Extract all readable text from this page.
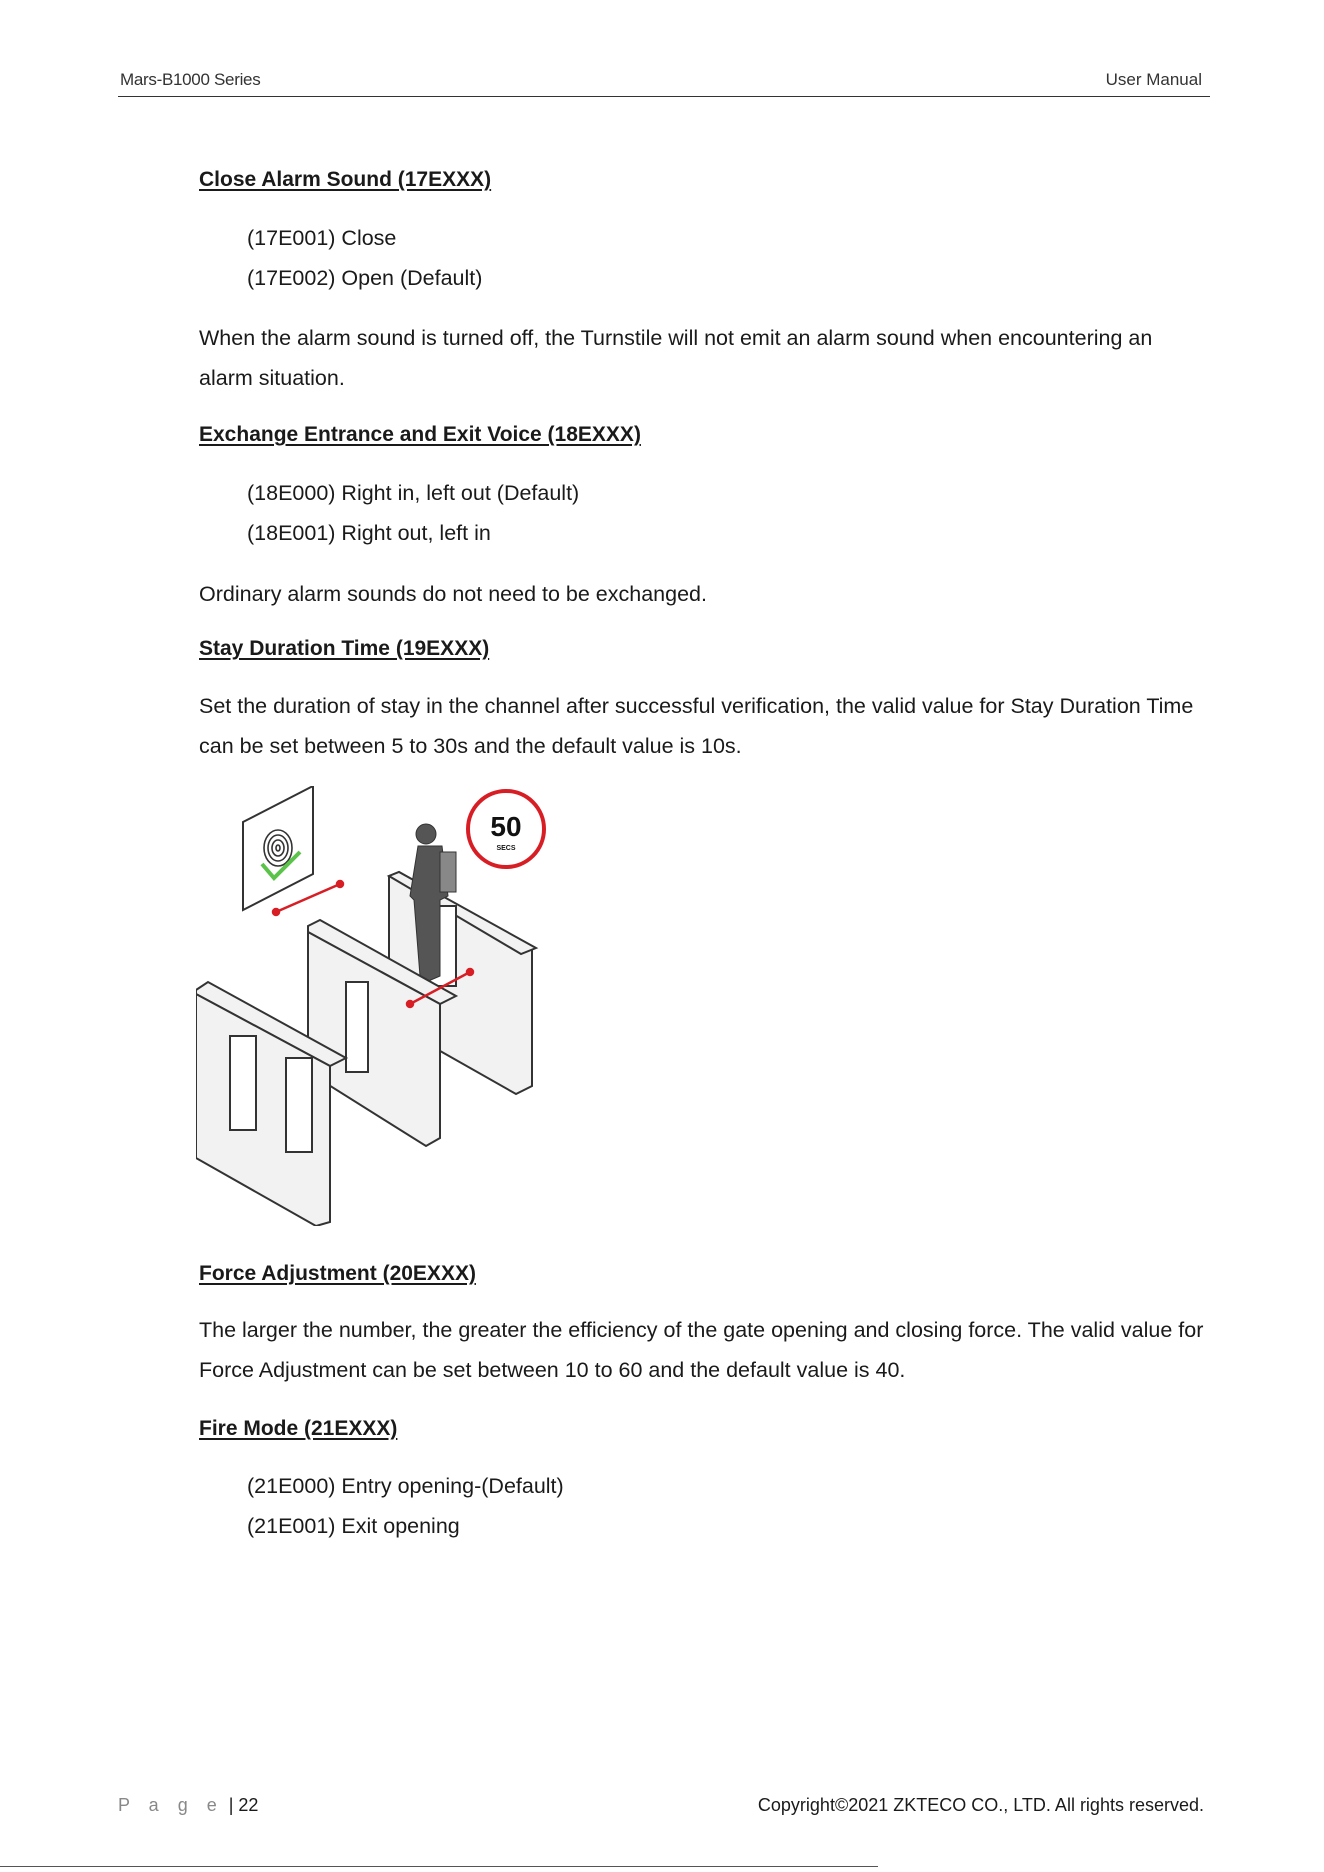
Mars-B1000 Series	User Manual
Close Alarm Sound (17EXXX)
(17E001) Close
(17E002) Open (Default)
When the alarm sound is turned off, the Turnstile will not emit an alarm sound when encountering an alarm situation.
Exchange Entrance and Exit Voice (18EXXX)
(18E000) Right in, left out (Default)
(18E001) Right out, left in
Ordinary alarm sounds do not need to be exchanged.
Stay Duration Time (19EXXX)
Set the duration of stay in the channel after successful verification, the valid value for Stay Duration Time can be set between 5 to 30s and the default value is 10s.
Force Adjustment (20EXXX)
The larger the number, the greater the efficiency of the gate opening and closing force. The valid value for Force Adjustment can be set between 10 to 60 and the default value is 40.
Fire Mode (21EXXX)
(21E000) Entry opening-(Default)
(21E001) Exit opening
50
SECS
P a g e | 22	Copyright©2021 ZKTECO CO., LTD. All rights reserved.
